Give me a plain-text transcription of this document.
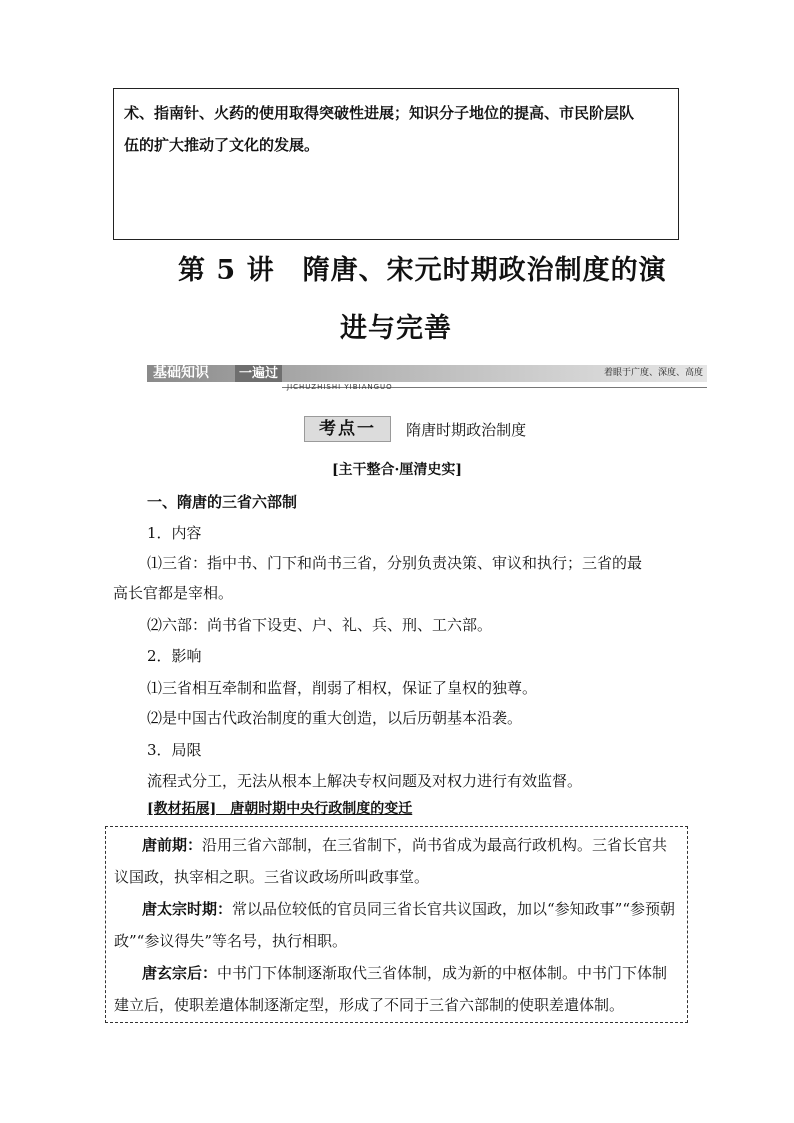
术、指南针、火药的使用取得突破性进展；知识分子地位的提高、市民阶层队
伍的扩大推动了文化的发展。
第 5 讲　隋唐、宋元时期政治制度的演
进与完善
基础知识	一遍过
JICHUZHISHI YIBIANGUO
着眼于广度、深度、高度
考点一 隋唐时期政治制度
[主干整合·厘清史实]
一、隋唐的三省六部制
1．内容
⑴三省：指中书、门下和尚书三省，分别负责决策、审议和执行；三省的最
高长官都是宰相。
⑵六部：尚书省下设吏、户、礼、兵、刑、工六部。
2．影响
⑴三省相互牵制和监督，削弱了相权，保证了皇权的独尊。
⑵是中国古代政治制度的重大创造，以后历朝基本沿袭。
3．局限
流程式分工，无法从根本上解决专权问题及对权力进行有效监督。
[教材拓展]　唐朝时期中央行政制度的变迁

唐前期：沿用三省六部制，在三省制下，尚书省成为最高行政机构。三省长官共议国政，执宰相之职。三省议政场所叫政事堂。

唐太宗时期：常以品位较低的官员同三省长官共议国政，加以“参知政事”“参预朝政”“参议得失”等名号，执行相职。

唐玄宗后：中书门下体制逐渐取代三省体制，成为新的中枢体制。中书门下体制建立后，使职差遣体制逐渐定型，形成了不同于三省六部制的使职差遣体制。
